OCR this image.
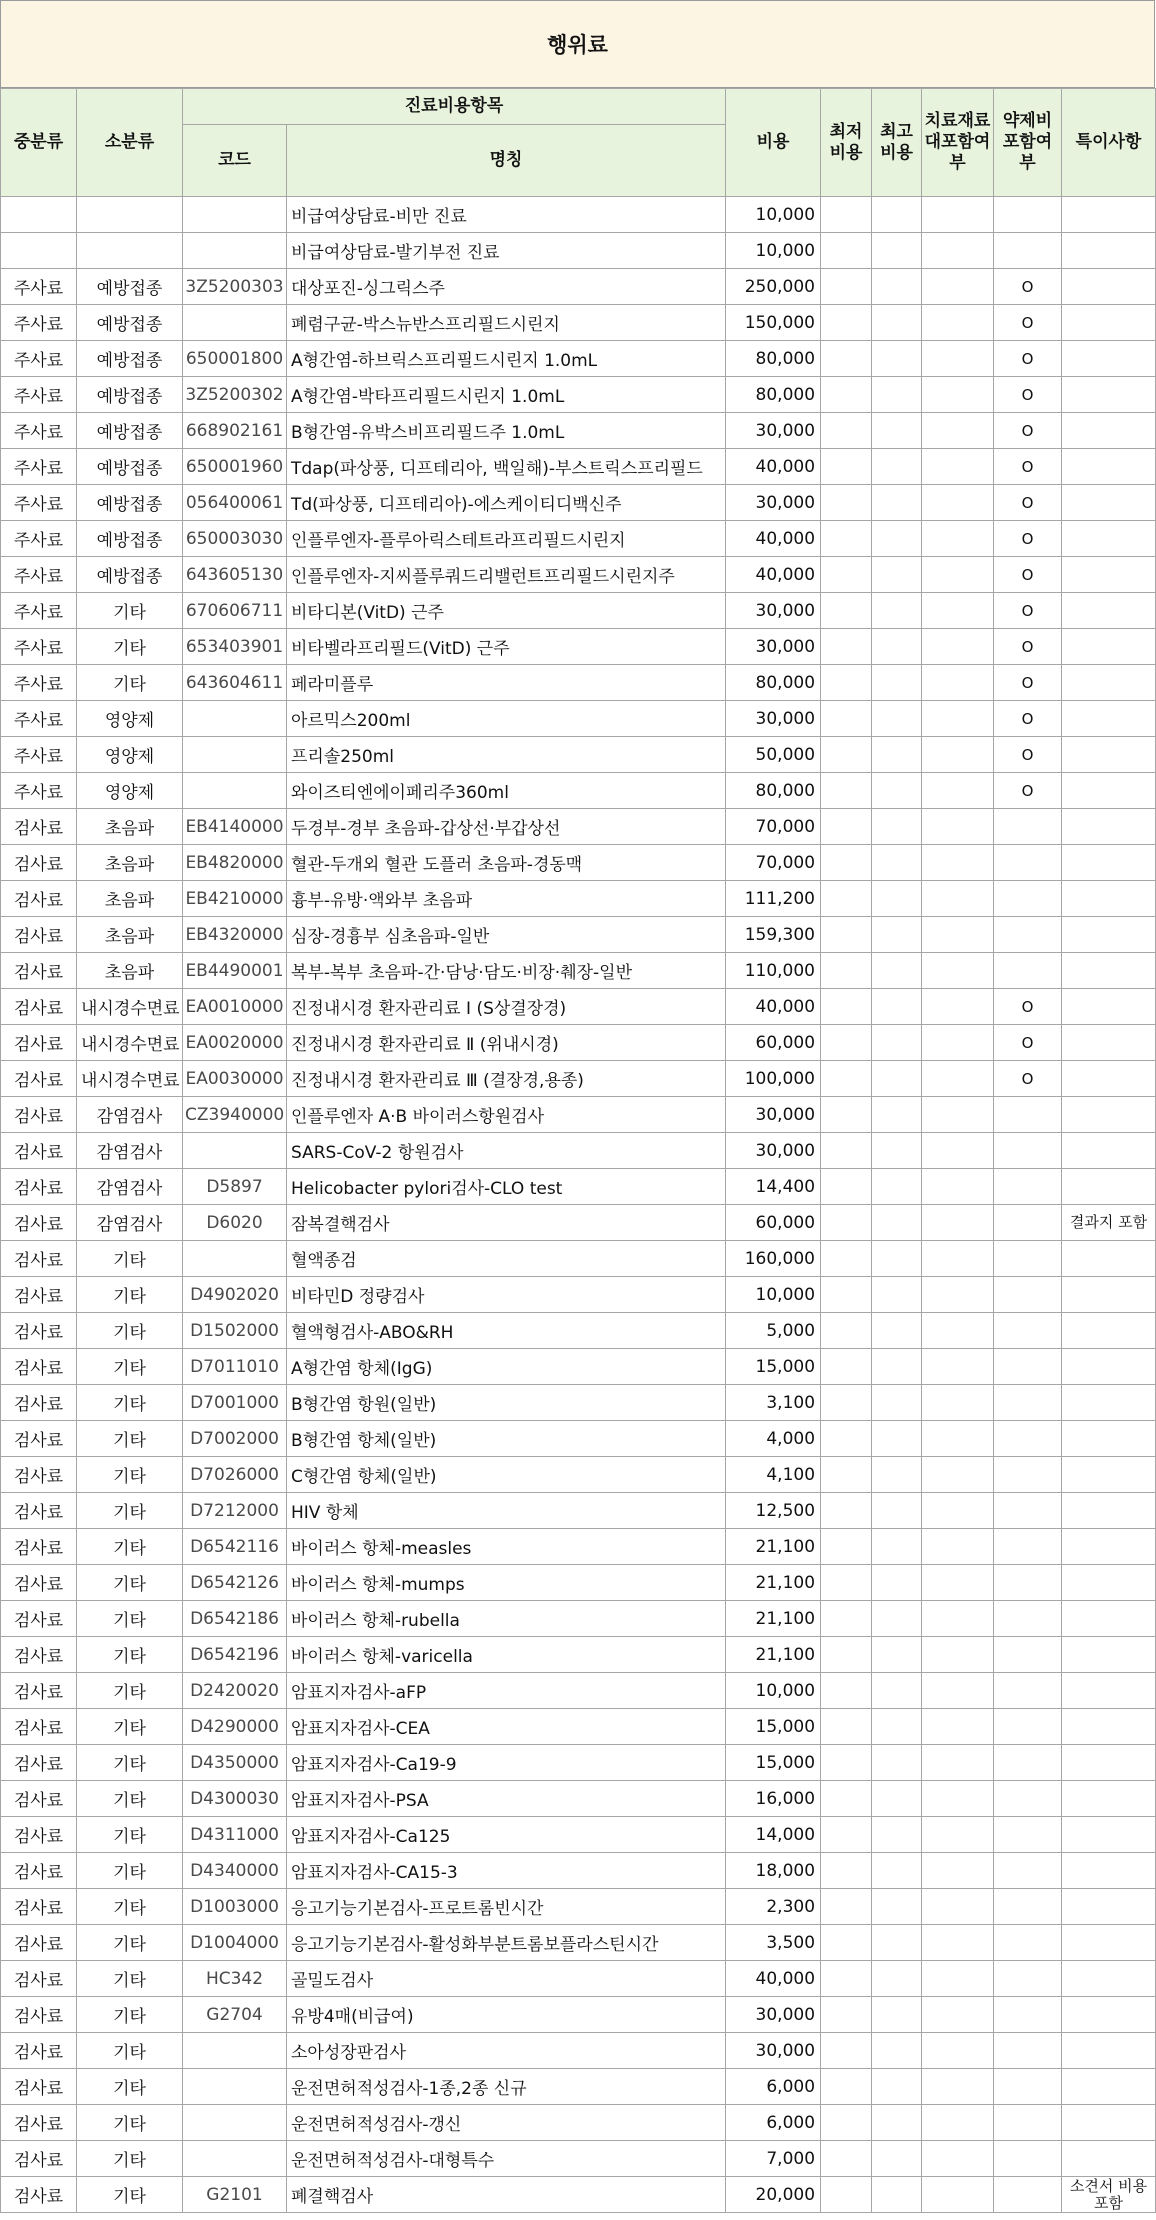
행위료
중분류	소분류	진료비용항목		비용	최저비용	최고비용	치료재료대포함여부	약제비포함여부	특이사항
		코드	명칭						
			비급여상담료-비만 진료	10,000					
			비급여상담료-발기부전 진료	10,000					
주사료	예방접종	3Z5200303	대상포진-싱그릭스주	250,000				O	
주사료	예방접종		폐렴구균-박스뉴반스프리필드시린지	150,000				O	
주사료	예방접종	650001800	A형간염-하브릭스프리필드시린지 1.0mL	80,000				O	
주사료	예방접종	3Z5200302	A형간염-박타프리필드시린지 1.0mL	80,000				O	
주사료	예방접종	668902161	B형간염-유박스비프리필드주 1.0mL	30,000				O	
주사료	예방접종	650001960	Tdap(파상풍, 디프테리아, 백일해)-부스트릭스프리필드	40,000				O	
주사료	예방접종	056400061	Td(파상풍, 디프테리아)-에스케이티디백신주	30,000				O	
주사료	예방접종	650003030	인플루엔자-플루아릭스테트라프리필드시린지	40,000				O	
주사료	예방접종	643605130	인플루엔자-지씨플루쿼드리밸런트프리필드시린지주	40,000				O	
주사료	기타	670606711	비타디본(VitD) 근주	30,000				O	
주사료	기타	653403901	비타벨라프리필드(VitD) 근주	30,000				O	
주사료	기타	643604611	페라미플루	80,000				O	
주사료	영양제		아르믹스200ml	30,000				O	
주사료	영양제		프리솔250ml	50,000				O	
주사료	영양제		와이즈티엔에이페리주360ml	80,000				O	
검사료	초음파	EB4140000	두경부-경부 초음파-갑상선·부갑상선	70,000					
검사료	초음파	EB4820000	혈관-두개외 혈관 도플러 초음파-경동맥	70,000					
검사료	초음파	EB4210000	흉부-유방·액와부 초음파	111,200					
검사료	초음파	EB4320000	심장-경흉부 심초음파-일반	159,300					
검사료	초음파	EB4490001	복부-복부 초음파-간·담낭·담도·비장·췌장-일반	110,000					
검사료	내시경수면료	EA0010000	진정내시경 환자관리료 Ⅰ (S상결장경)	40,000				O	
검사료	내시경수면료	EA0020000	진정내시경 환자관리료 Ⅱ (위내시경)	60,000				O	
검사료	내시경수면료	EA0030000	진정내시경 환자관리료 Ⅲ (결장경,용종)	100,000				O	
검사료	감염검사	CZ3940000	인플루엔자 A·B 바이러스항원검사	30,000					
검사료	감염검사		SARS-CoV-2 항원검사	30,000					
검사료	감염검사	D5897	Helicobacter pylori검사-CLO test	14,400					
검사료	감염검사	D6020	잠복결핵검사	60,000					결과지 포함
검사료	기타		혈액종검	160,000					
검사료	기타	D4902020	비타민D 정량검사	10,000					
검사료	기타	D1502000	혈액형검사-ABO&RH	5,000					
검사료	기타	D7011010	A형간염 항체(IgG)	15,000					
검사료	기타	D7001000	B형간염 항원(일반)	3,100					
검사료	기타	D7002000	B형간염 항체(일반)	4,000					
검사료	기타	D7026000	C형간염 항체(일반)	4,100					
검사료	기타	D7212000	HIV 항체	12,500					
검사료	기타	D6542116	바이러스 항체-measles	21,100					
검사료	기타	D6542126	바이러스 항체-mumps	21,100					
검사료	기타	D6542186	바이러스 항체-rubella	21,100					
검사료	기타	D6542196	바이러스 항체-varicella	21,100					
검사료	기타	D2420020	암표지자검사-aFP	10,000					
검사료	기타	D4290000	암표지자검사-CEA	15,000					
검사료	기타	D4350000	암표지자검사-Ca19-9	15,000					
검사료	기타	D4300030	암표지자검사-PSA	16,000					
검사료	기타	D4311000	암표지자검사-Ca125	14,000					
검사료	기타	D4340000	암표지자검사-CA15-3	18,000					
검사료	기타	D1003000	응고기능기본검사-프로트롬빈시간	2,300					
검사료	기타	D1004000	응고기능기본검사-활성화부분트롬보플라스틴시간	3,500					
검사료	기타	HC342	골밀도검사	40,000					
검사료	기타	G2704	유방4매(비급여)	30,000					
검사료	기타		소아성장판검사	30,000					
검사료	기타		운전면허적성검사-1종,2종 신규	6,000					
검사료	기타		운전면허적성검사-갱신	6,000					
검사료	기타		운전면허적성검사-대형특수	7,000					
검사료	기타	G2101	폐결핵검사	20,000					소견서 비용 포함
